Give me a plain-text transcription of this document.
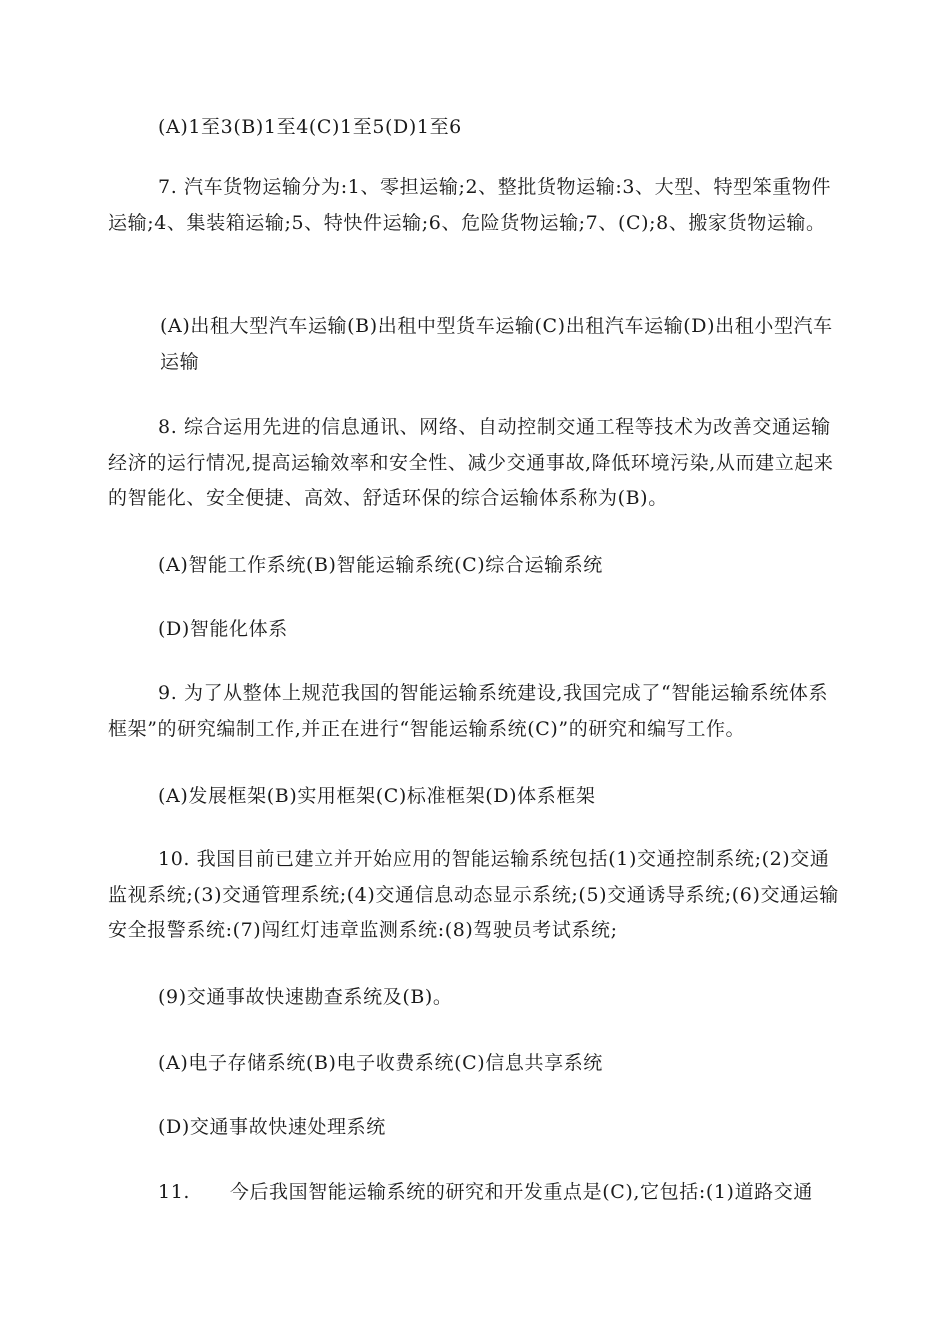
(A)1至3(B)1至4(C)1至5(D)1至6

7. 汽车货物运输分为:1、零担运输;2、整批货物运输:3、大型、特型笨重物件运输;4、集装箱运输;5、特快件运输;6、危险货物运输;7、(C);8、搬家货物运输。

(A)出租大型汽车运输(B)出租中型货车运输(C)出租汽车运输(D)出租小型汽车运输

8. 综合运用先进的信息通讯、网络、自动控制交通工程等技术为改善交通运输经济的运行情况,提高运输效率和安全性、减少交通事故,降低环境污染,从而建立起来的智能化、安全便捷、高效、舒适环保的综合运输体系称为(B)。

(A)智能工作系统(B)智能运输系统(C)综合运输系统

(D)智能化体系

9. 为了从整体上规范我国的智能运输系统建设,我国完成了“智能运输系统体系框架”的研究编制工作,并正在进行“智能运输系统(C)”的研究和编写工作。

(A)发展框架(B)实用框架(C)标准框架(D)体系框架

10. 我国目前已建立并开始应用的智能运输系统包括(1)交通控制系统;(2)交通监视系统;(3)交通管理系统;(4)交通信息动态显示系统;(5)交通诱导系统;(6)交通运输安全报警系统:(7)闯红灯违章监测系统:(8)驾驶员考试系统;

(9)交通事故快速勘查系统及(B)。

(A)电子存储系统(B)电子收费系统(C)信息共享系统

(D)交通事故快速处理系统

11.      今后我国智能运输系统的研究和开发重点是(C),它包括:(1)道路交通
